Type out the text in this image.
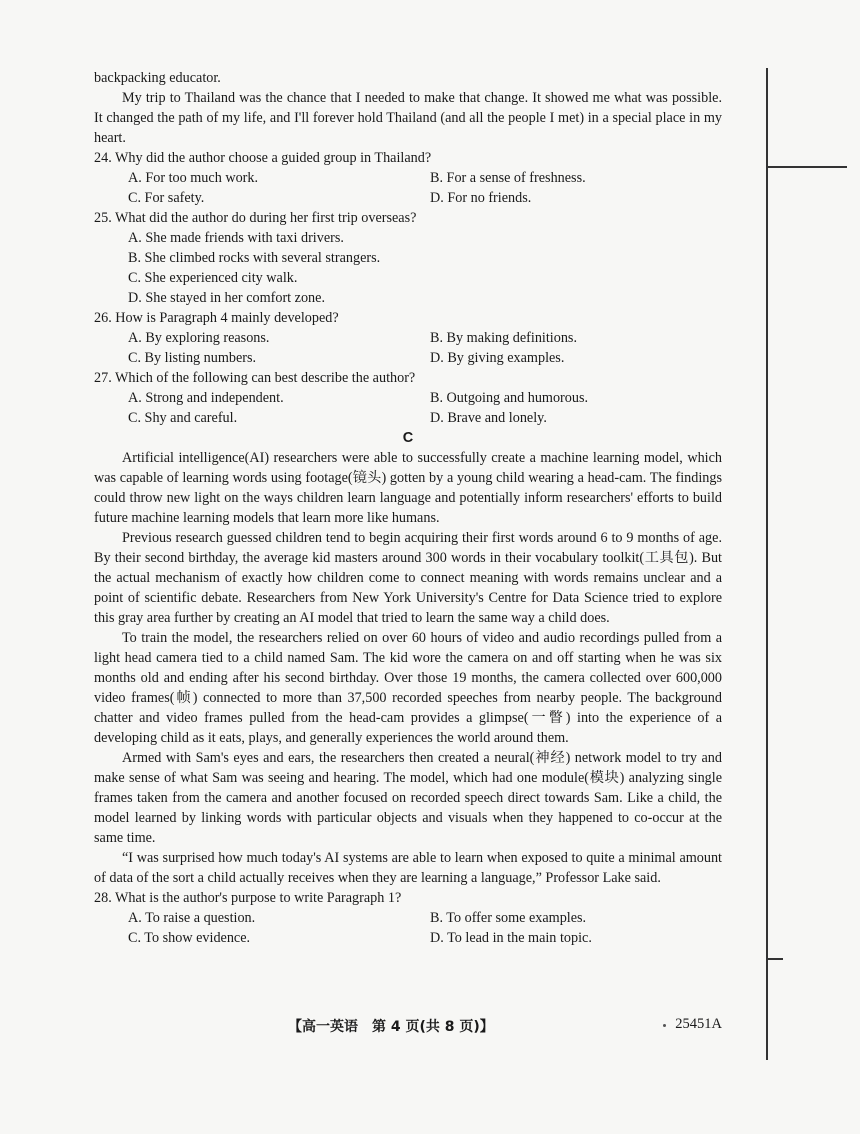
backpacking educator.

My trip to Thailand was the chance that I needed to make that change. It showed me what was possible. It changed the path of my life, and I'll forever hold Thailand (and all the people I met) in a special place in my heart.

24. Why did the author choose a guided group in Thailand?
A. For too much work.	B. For a sense of freshness.
C. For safety.	D. For no friends.
25. What did the author do during her first trip overseas?
A. She made friends with taxi drivers.
B. She climbed rocks with several strangers.
C. She experienced city walk.
D. She stayed in her comfort zone.
26. How is Paragraph 4 mainly developed?
A. By exploring reasons.	B. By making definitions.
C. By listing numbers.	D. By giving examples.
27. Which of the following can best describe the author?
A. Strong and independent.	B. Outgoing and humorous.
C. Shy and careful.	D. Brave and lonely.
C

Artificial intelligence(AI) researchers were able to successfully create a machine learning model, which was capable of learning words using footage(镜头) gotten by a young child wearing a head-cam. The findings could throw new light on the ways children learn language and potentially inform researchers' efforts to build future machine learning models that learn more like humans.

Previous research guessed children tend to begin acquiring their first words around 6 to 9 months of age. By their second birthday, the average kid masters around 300 words in their vocabulary toolkit(工具包). But the actual mechanism of exactly how children come to connect meaning with words remains unclear and a point of scientific debate. Researchers from New York University's Centre for Data Science tried to explore this gray area further by creating an AI model that tried to learn the same way a child does.

To train the model, the researchers relied on over 60 hours of video and audio recordings pulled from a light head camera tied to a child named Sam. The kid wore the camera on and off starting when he was six months old and ending after his second birthday. Over those 19 months, the camera collected over 600,000 video frames(帧) connected to more than 37,500 recorded speeches from nearby people. The background chatter and video frames pulled from the head-cam provides a glimpse(一瞥) into the experience of a developing child as it eats, plays, and generally experiences the world around them.

Armed with Sam's eyes and ears, the researchers then created a neural(神经) network model to try and make sense of what Sam was seeing and hearing. The model, which had one module(模块) analyzing single frames taken from the camera and another focused on recorded speech direct towards Sam. Like a child, the model learned by linking words with particular objects and visuals when they happened to co-occur at the same time.

“I was surprised how much today's AI systems are able to learn when exposed to quite a minimal amount of data of the sort a child actually receives when they are learning a language,” Professor Lake said.

28. What is the author's purpose to write Paragraph 1?
A. To raise a question.	B. To offer some examples.
C. To show evidence.	D. To lead in the main topic.
【高一英语　第 4 页(共 8 页)】	25451A
